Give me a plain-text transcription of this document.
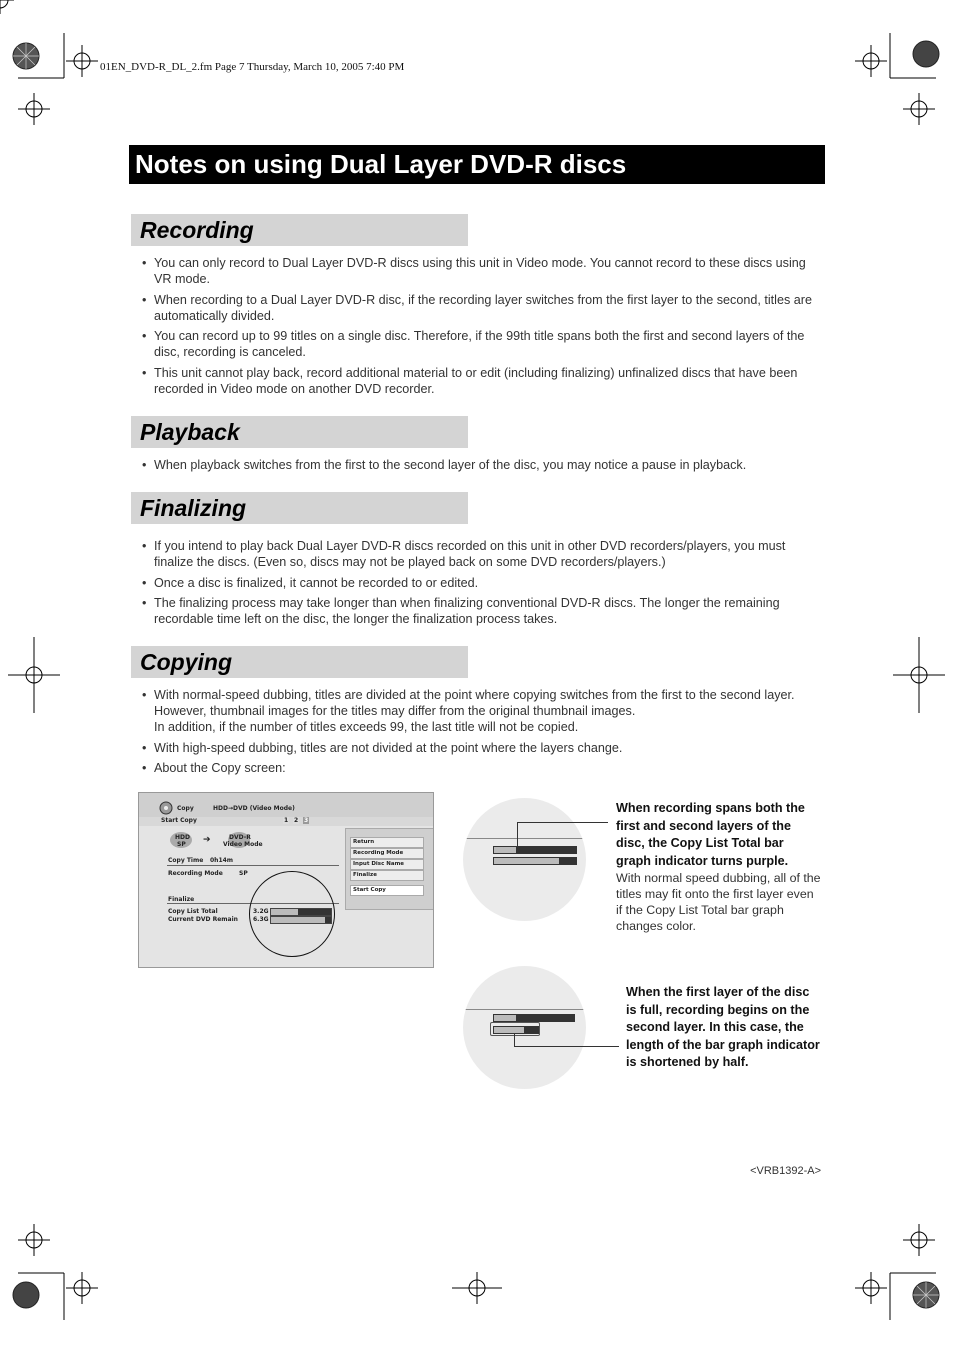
01EN_DVD-R_DL_2.fm Page 7 Thursday, March 10, 2005 7:40 PM
Notes on using Dual Layer DVD-R discs
Recording
• You can only record to Dual Layer DVD-R discs using this unit in Video mode. You cannot record to these discs using VR mode.
• When recording to a Dual Layer DVD-R disc, if the recording layer switches from the first layer to the second, titles are automatically divided.
• You can record up to 99 titles on a single disc. Therefore, if the 99th title spans both the first and second layers of the disc, recording is canceled.
• This unit cannot play back, record additional material to or edit (including finalizing) unfinalized discs that have been recorded in Video mode on another DVD recorder.
Playback
• When playback switches from the first to the second layer of the disc, you may notice a pause in playback.
Finalizing
• If you intend to play back Dual Layer DVD-R discs recorded on this unit in other DVD recorders/players, you must finalize the discs. (Even so, discs may not be played back on some DVD recorders/players.)
• Once a disc is finalized, it cannot be recorded to or edited.
• The finalizing process may take longer than when finalizing conventional DVD-R discs. The longer the remaining recordable time left on the disc, the longer the finalization process takes.
Copying
• With normal-speed dubbing, titles are divided at the point where copying switches from the first to the second layer. However, thumbnail images for the titles may differ from the original thumbnail images.
In addition, if the number of titles exceeds 99, the last title will not be copied.
• With high-speed dubbing, titles are not divided at the point where the layers change.
• About the Copy screen:
Copy	HDD→DVD (Video Mode)
Start Copy	1 2 3
HDD
SP ➔	DVD-R
Video Mode
Copy Time 0h14m
Recording Mode	SP
Finalize
Copy List Total
Current DVD Remain
3.2G
6.3G
Return
Recording Mode
Input Disc Name
Finalize
Start Copy
When recording spans both the first and second layers of the disc, the Copy List Total bar graph indicator turns purple.
With normal speed dubbing, all of the titles may fit onto the first layer even if the Copy List Total bar graph changes color.
When the first layer of the disc is full, recording begins on the second layer. In this case, the length of the bar graph indicator is shortened by half.
<VRB1392-A>
